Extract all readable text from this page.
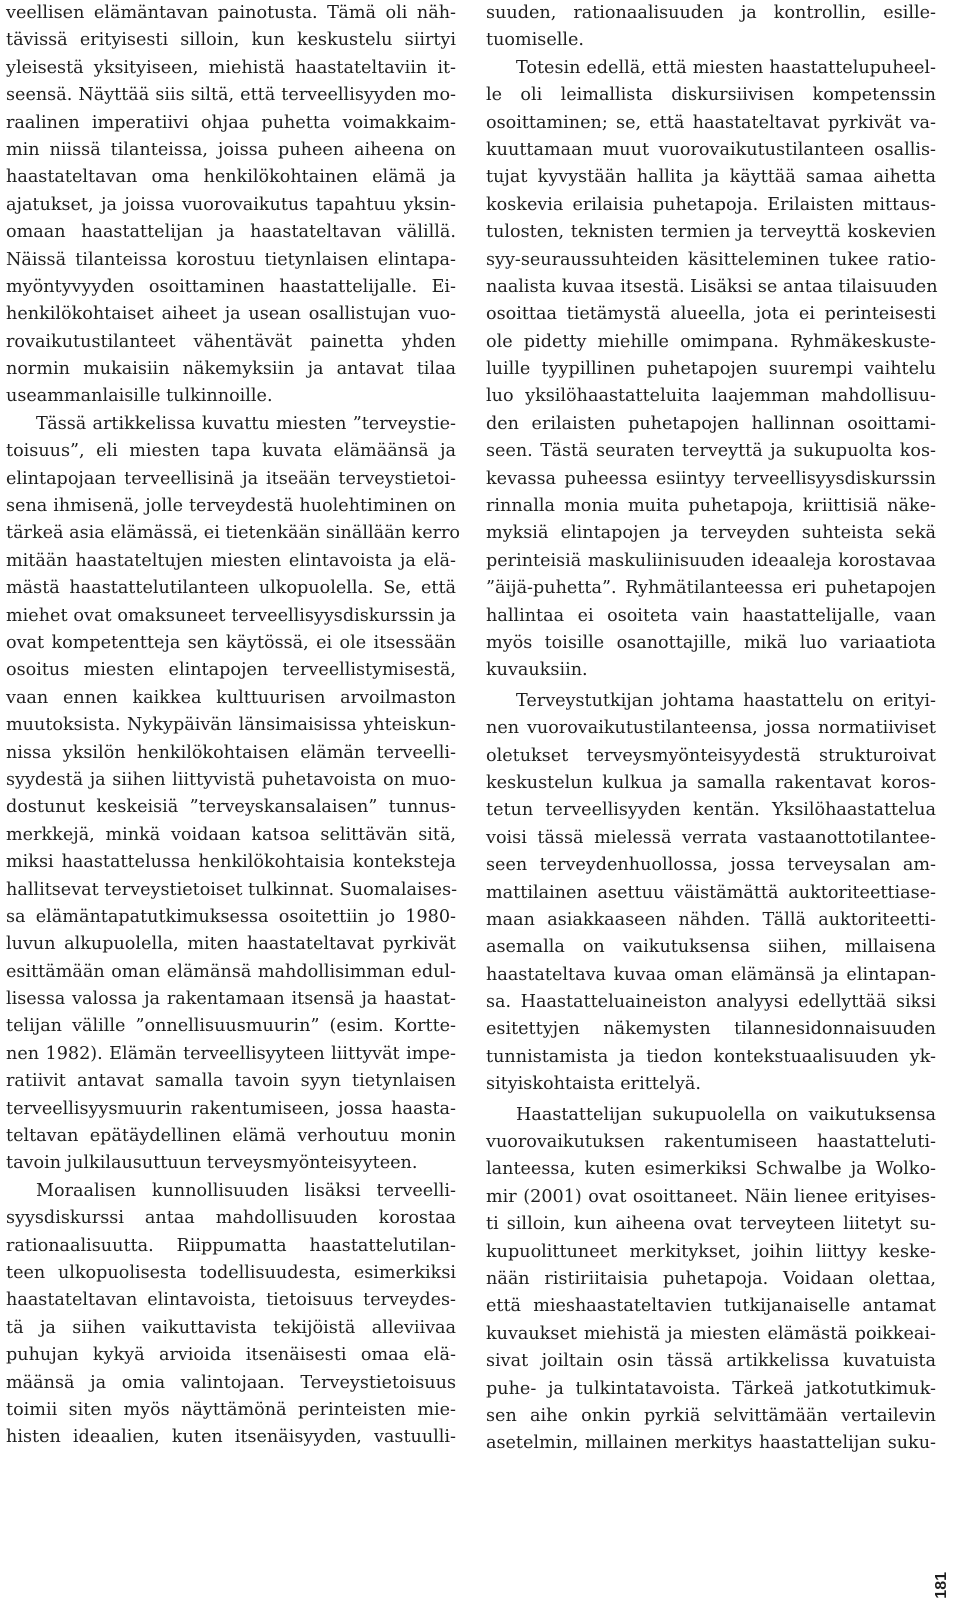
veellisen elämäntavan painotusta. Tämä oli näh-
tävissä erityisesti silloin, kun keskustelu siirtyi
yleisestä yksityiseen, miehistä haastateltaviin it-
seensä. Näyttää siis siltä, että terveellisyyden mo-
raalinen imperatiivi ohjaa puhetta voimakkaim-
min niissä tilanteissa, joissa puheen aiheena on
haastateltavan oma henkilökohtainen elämä ja
ajatukset, ja joissa vuorovaikutus tapahtuu yksin-
omaan haastattelijan ja haastateltavan välillä.
Näissä tilanteissa korostuu tietynlaisen elintapa-
myöntyvyyden osoittaminen haastattelijalle. Ei-
henkilökohtaiset aiheet ja usean osallistujan vuo-
rovaikutustilanteet vähentävät painetta yhden
normin mukaisiin näkemyksiin ja antavat tilaa
useammanlaisille tulkinnoille.
Tässä artikkelissa kuvattu miesten ”terveystie-
toisuus”, eli miesten tapa kuvata elämäänsä ja
elintapojaan terveellisinä ja itseään terveystietoi-
sena ihmisenä, jolle terveydestä huolehtiminen on
tärkeä asia elämässä, ei tietenkään sinällään kerro
mitään haastateltujen miesten elintavoista ja elä-
mästä haastattelutilanteen ulkopuolella. Se, että
miehet ovat omaksuneet terveellisyysdiskurssin ja
ovat kompetentteja sen käytössä, ei ole itsessään
osoitus miesten elintapojen terveellistymisestä,
vaan ennen kaikkea kulttuurisen arvoilmaston
muutoksista. Nykypäivän länsimaisissa yhteiskun-
nissa yksilön henkilökohtaisen elämän terveelli-
syydestä ja siihen liittyvistä puhetavoista on muo-
dostunut keskeisiä ”terveyskansalaisen” tunnus-
merkkejä, minkä voidaan katsoa selittävän sitä,
miksi haastattelussa henkilökohtaisia konteksteja
hallitsevat terveystietoiset tulkinnat. Suomalaises-
sa elämäntapatutkimuksessa osoitettiin jo 1980-
luvun alkupuolella, miten haastateltavat pyrkivät
esittämään oman elämänsä mahdollisimman edul-
lisessa valossa ja rakentamaan itsensä ja haastat-
telijan välille ”onnellisuusmuurin” (esim. Kortte-
nen 1982). Elämän terveellisyyteen liittyvät impe-
ratiivit antavat samalla tavoin syyn tietynlaisen
terveellisyysmuurin rakentumiseen, jossa haasta-
teltavan epätäydellinen elämä verhoutuu monin
tavoin julkilausuttuun terveysmyönteisyyteen.
Moraalisen kunnollisuuden lisäksi terveelli-
syysdiskurssi antaa mahdollisuuden korostaa
rationaalisuutta. Riippumatta haastattelutilan-
teen ulkopuolisesta todellisuudesta, esimerkiksi
haastateltavan elintavoista, tietoisuus terveydes-
tä ja siihen vaikuttavista tekijöistä alleviivaa
puhujan kykyä arvioida itsenäisesti omaa elä-
määnsä ja omia valintojaan. Terveystietoisuus
toimii siten myös näyttämönä perinteisten mie-
histen ideaalien, kuten itsenäisyyden, vastuulli-
suuden, rationaalisuuden ja kontrollin, esille-
tuomiselle.
Totesin edellä, että miesten haastattelupuheel-
le oli leimallista diskursiivisen kompetenssin
osoittaminen; se, että haastateltavat pyrkivät va-
kuuttamaan muut vuorovaikutustilanteen osallis-
tujat kyvystään hallita ja käyttää samaa aihetta
koskevia erilaisia puhetapoja. Erilaisten mittaus-
tulosten, teknisten termien ja terveyttä koskevien
syy-seuraussuhteiden käsitteleminen tukee ratio-
naalista kuvaa itsestä. Lisäksi se antaa tilaisuuden
osoittaa tietämystä alueella, jota ei perinteisesti
ole pidetty miehille omimpana. Ryhmäkeskuste-
luille tyypillinen puhetapojen suurempi vaihtelu
luo yksilöhaastatteluita laajemman mahdollisuu-
den erilaisten puhetapojen hallinnan osoittami-
seen. Tästä seuraten terveyttä ja sukupuolta kos-
kevassa puheessa esiintyy terveellisyysdiskurssin
rinnalla monia muita puhetapoja, kriittisiä näke-
myksiä elintapojen ja terveyden suhteista sekä
perinteisiä maskuliinisuuden ideaaleja korostavaa
”äijä-puhetta”. Ryhmätilanteessa eri puhetapojen
hallintaa ei osoiteta vain haastattelijalle, vaan
myös toisille osanottajille, mikä luo variaatiota
kuvauksiin.
Terveystutkijan johtama haastattelu on erityi-
nen vuorovaikutustilanteensa, jossa normatiiviset
oletukset terveysmyönteisyydestä strukturoivat
keskustelun kulkua ja samalla rakentavat koros-
tetun terveellisyyden kentän. Yksilöhaastattelua
voisi tässä mielessä verrata vastaanottotilantee-
seen terveydenhuollossa, jossa terveysalan am-
mattilainen asettuu väistämättä auktoriteettiase-
maan asiakkaaseen nähden. Tällä auktoriteetti-
asemalla on vaikutuksensa siihen, millaisena
haastateltava kuvaa oman elämänsä ja elintapan-
sa. Haastatteluaineiston analyysi edellyttää siksi
esitettyjen näkemysten tilannesidonnaisuuden
tunnistamista ja tiedon kontekstuaalisuuden yk-
sityiskohtaista erittelyä.
Haastattelijan sukupuolella on vaikutuksensa
vuorovaikutuksen rakentumiseen haastatteluti-
lanteessa, kuten esimerkiksi Schwalbe ja Wolko-
mir (2001) ovat osoittaneet. Näin lienee erityises-
ti silloin, kun aiheena ovat terveyteen liitetyt su-
kupuolittuneet merkitykset, joihin liittyy keske-
nään ristiriitaisia puhetapoja. Voidaan olettaa,
että mieshaastateltavien tutkijanaiselle antamat
kuvaukset miehistä ja miesten elämästä poikkeai-
sivat joiltain osin tässä artikkelissa kuvatuista
puhe- ja tulkintatavoista. Tärkeä jatkotutkimuk-
sen aihe onkin pyrkiä selvittämään vertailevin
asetelmin, millainen merkitys haastattelijan suku-
181
